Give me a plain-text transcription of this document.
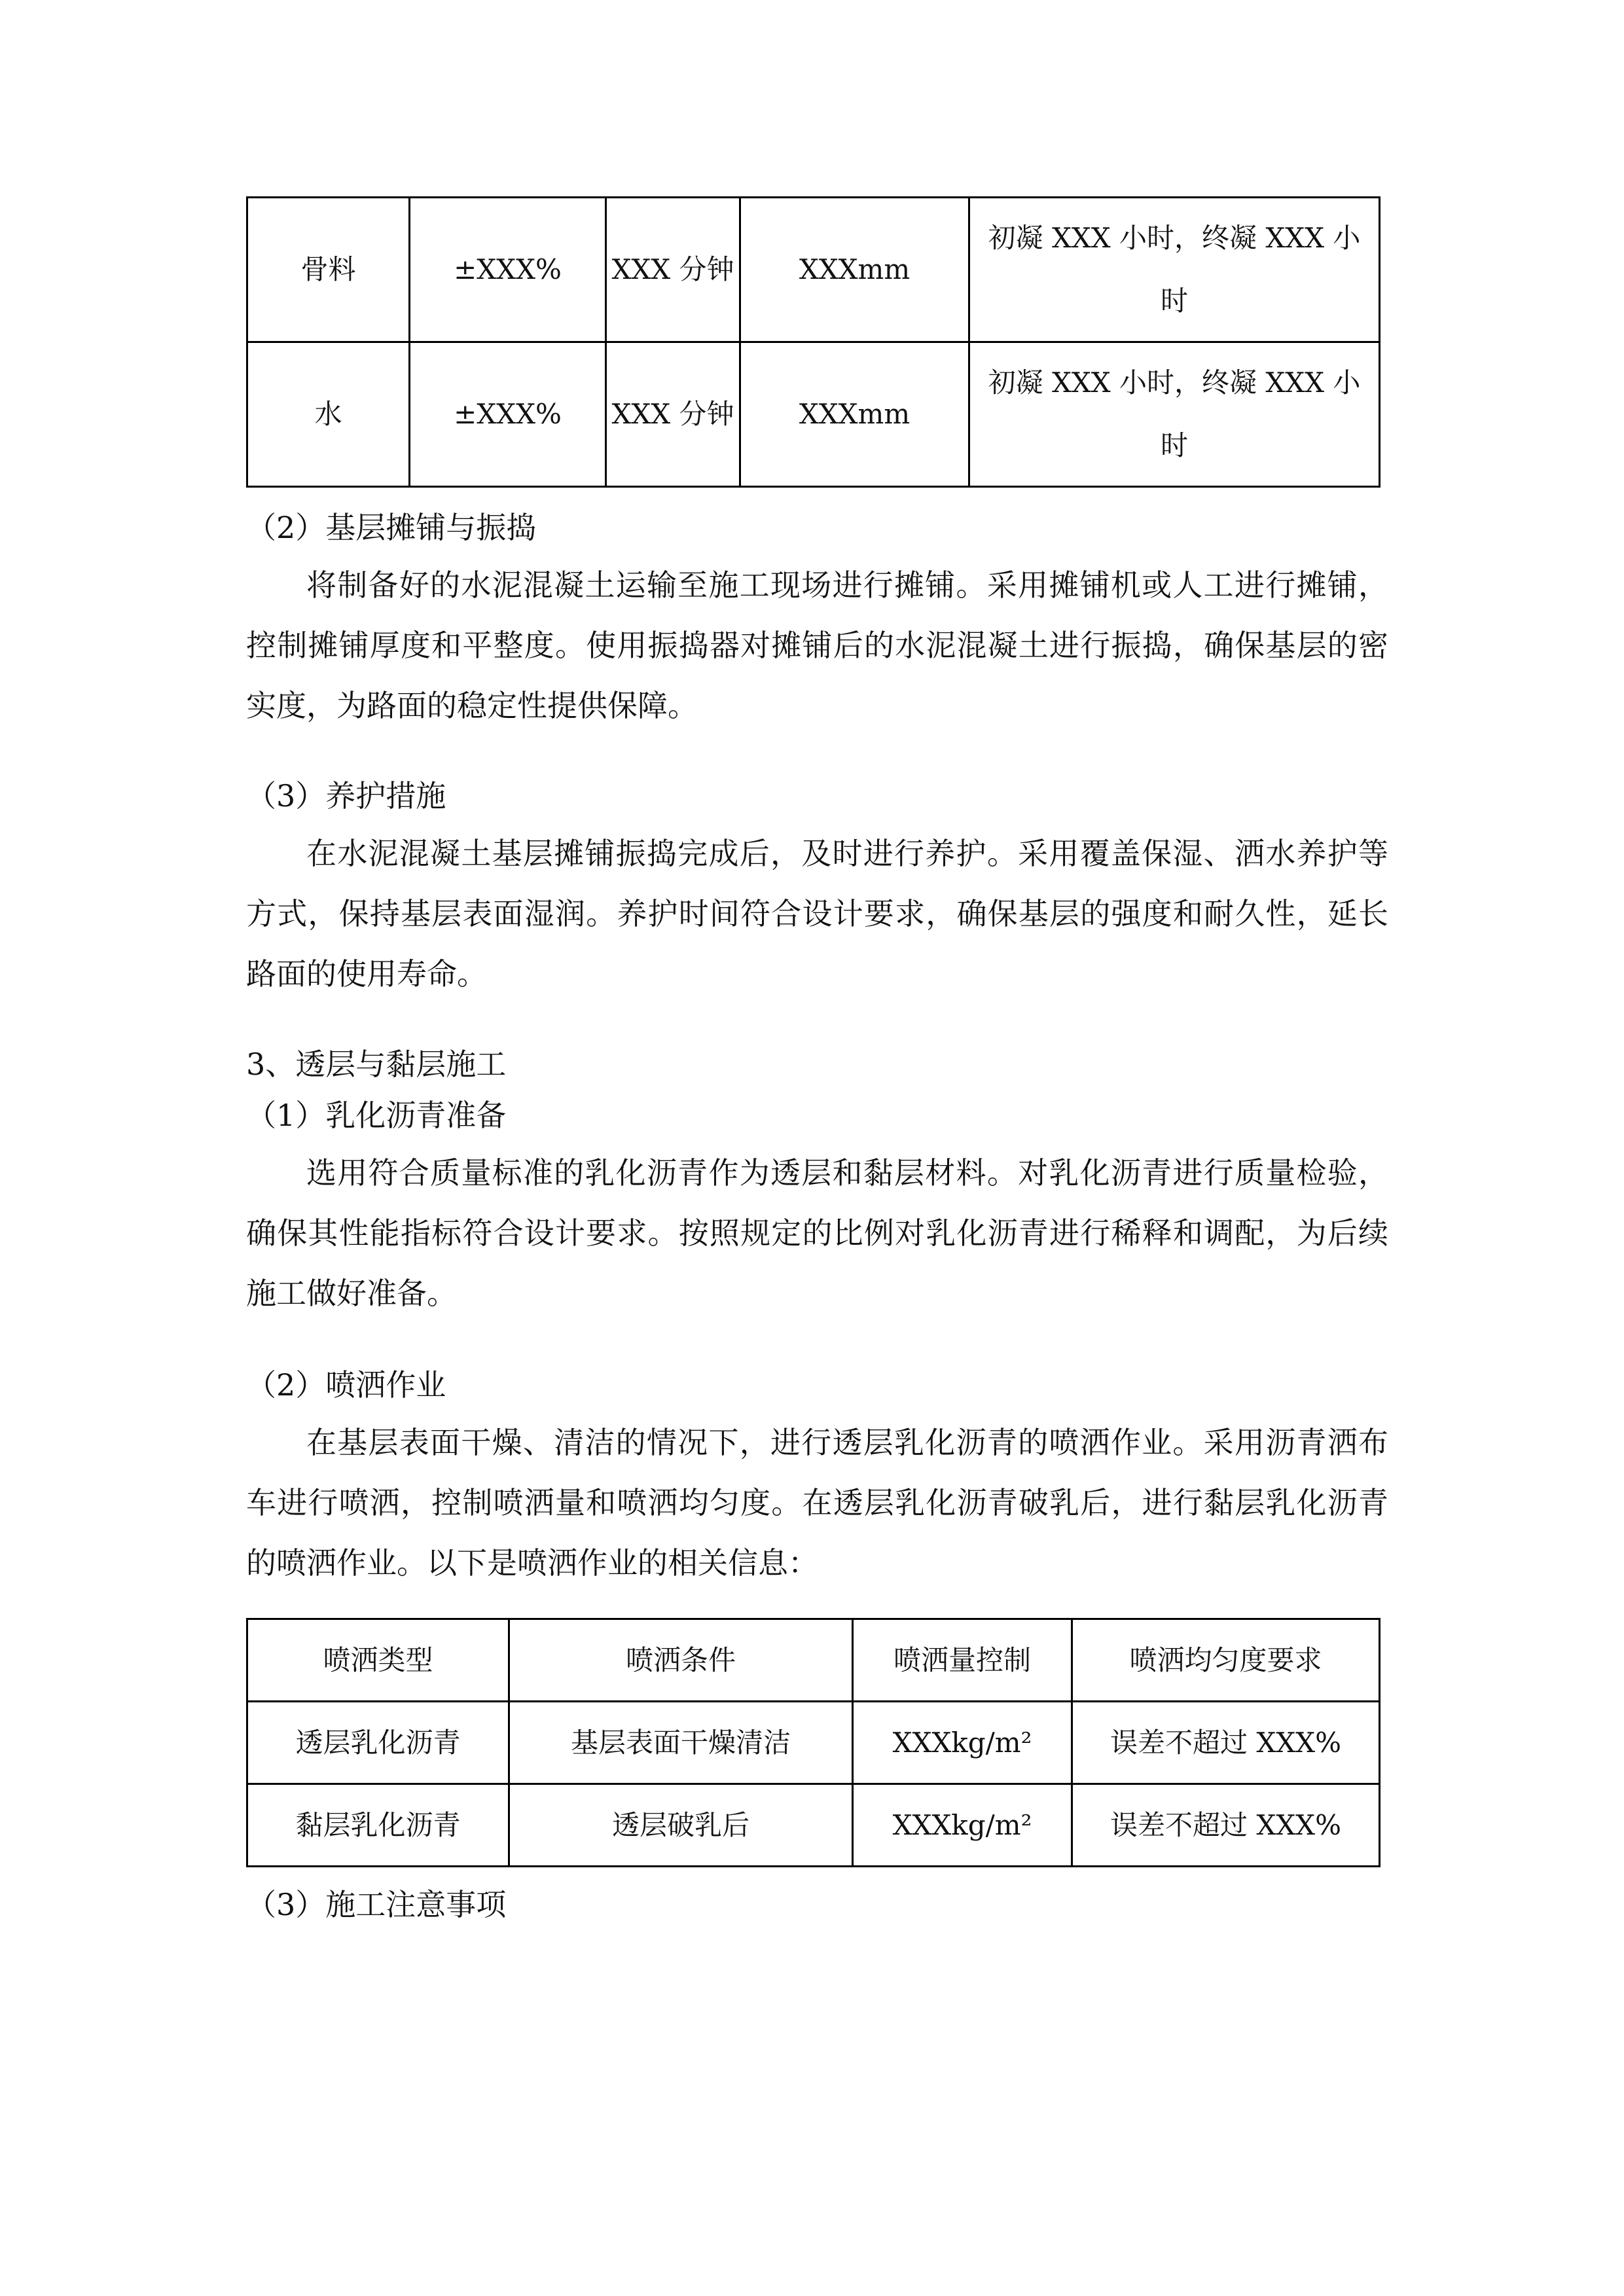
骨料	±XXX%	XXX 分钟	XXXmm	初凝 XXX 小时，终凝 XXX 小时
水	±XXX%	XXX 分钟	XXXmm	初凝 XXX 小时，终凝 XXX 小时

（2）基层摊铺与振捣

将制备好的水泥混凝土运输至施工现场进行摊铺。采用摊铺机或人工进行摊铺，控制摊铺厚度和平整度。使用振捣器对摊铺后的水泥混凝土进行振捣，确保基层的密实度，为路面的稳定性提供保障。

（3）养护措施

在水泥混凝土基层摊铺振捣完成后，及时进行养护。采用覆盖保湿、洒水养护等方式，保持基层表面湿润。养护时间符合设计要求，确保基层的强度和耐久性，延长路面的使用寿命。

3、透层与黏层施工

（1）乳化沥青准备

选用符合质量标准的乳化沥青作为透层和黏层材料。对乳化沥青进行质量检验，确保其性能指标符合设计要求。按照规定的比例对乳化沥青进行稀释和调配，为后续施工做好准备。

（2）喷洒作业

在基层表面干燥、清洁的情况下，进行透层乳化沥青的喷洒作业。采用沥青洒布车进行喷洒，控制喷洒量和喷洒均匀度。在透层乳化沥青破乳后，进行黏层乳化沥青的喷洒作业。以下是喷洒作业的相关信息：

喷洒类型	喷洒条件	喷洒量控制	喷洒均匀度要求
透层乳化沥青	基层表面干燥清洁	XXXkg/m²	误差不超过 XXX%
黏层乳化沥青	透层破乳后	XXXkg/m²	误差不超过 XXX%

（3）施工注意事项
